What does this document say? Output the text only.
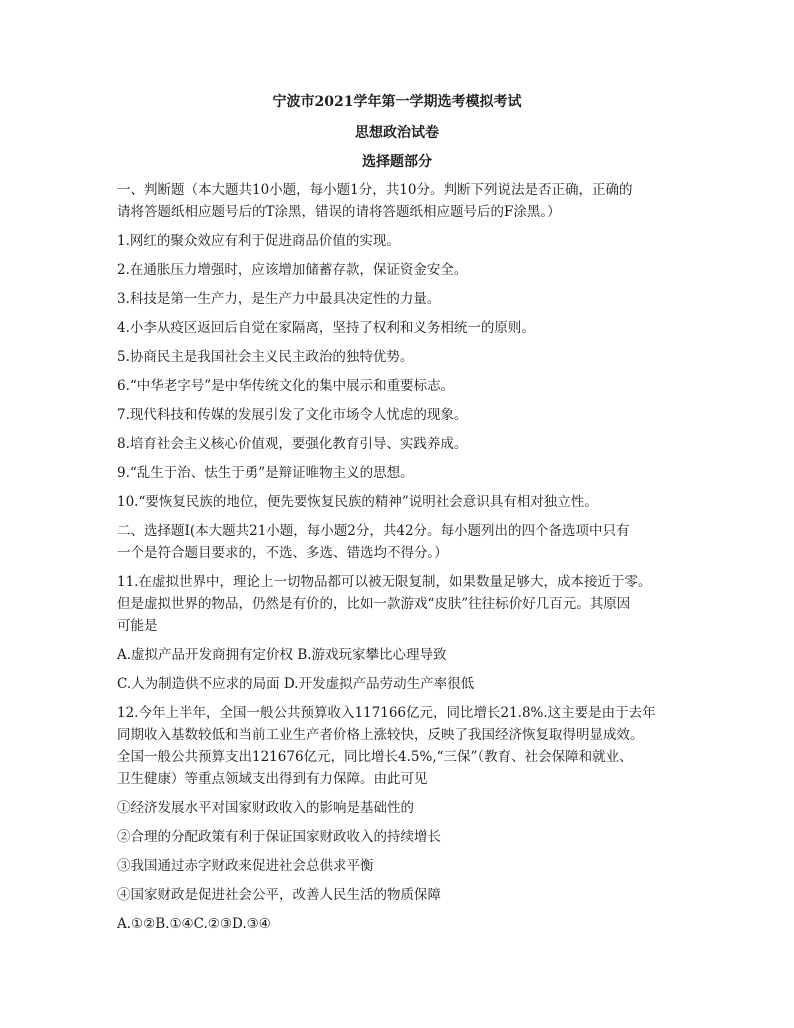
宁波市2021学年第一学期选考模拟考试
思想政治试卷
选择题部分
一、判断题（本大题共10小题，每小题1分，共10分。判断下列说法是否正确，正确的
请将答题纸相应题号后的T涂黑，错误的请将答题纸相应题号后的F涂黑。）
1.网红的聚众效应有利于促进商品价值的实现。
2.在通胀压力增强时，应该增加储蓄存款，保证资金安全。
3.科技是第一生产力，是生产力中最具决定性的力量。
4.小李从疫区返回后自觉在家隔离，坚持了权利和义务相统一的原则。
5.协商民主是我国社会主义民主政治的独特优势。
6.“中华老字号”是中华传统文化的集中展示和重要标志。
7.现代科技和传媒的发展引发了文化市场令人忧虑的现象。
8.培育社会主义核心价值观，要强化教育引导、实践养成。
9.“乱生于治、怯生于勇”是辩证唯物主义的思想。
10.“要恢复民族的地位，便先要恢复民族的精神”说明社会意识具有相对独立性。
二、选择题Ⅰ(本大题共21小题，每小题2分，共42分。每小题列出的四个备选项中只有
一个是符合题目要求的，不选、多选、错选均不得分。）
11.在虚拟世界中，理论上一切物品都可以被无限复制，如果数量足够大，成本接近于零。
但是虚拟世界的物品，仍然是有价的，比如一款游戏“皮肤”往往标价好几百元。其原因
可能是
A.虚拟产品开发商拥有定价权 B.游戏玩家攀比心理导致
C.人为制造供不应求的局面 D.开发虚拟产品劳动生产率很低
12.今年上半年，全国一般公共预算收入117166亿元，同比增长21.8%.这主要是由于去年
同期收入基数较低和当前工业生产者价格上涨较快，反映了我国经济恢复取得明显成效。
全国一般公共预算支出121676亿元，同比增长4.5%,“三保”（教育、社会保障和就业、
卫生健康）等重点领域支出得到有力保障。由此可见
①经济发展水平对国家财政收入的影响是基础性的
②合理的分配政策有利于保证国家财政收入的持续增长
③我国通过赤字财政来促进社会总供求平衡
④国家财政是促进社会公平，改善人民生活的物质保障
A.①②B.①④C.②③D.③④
